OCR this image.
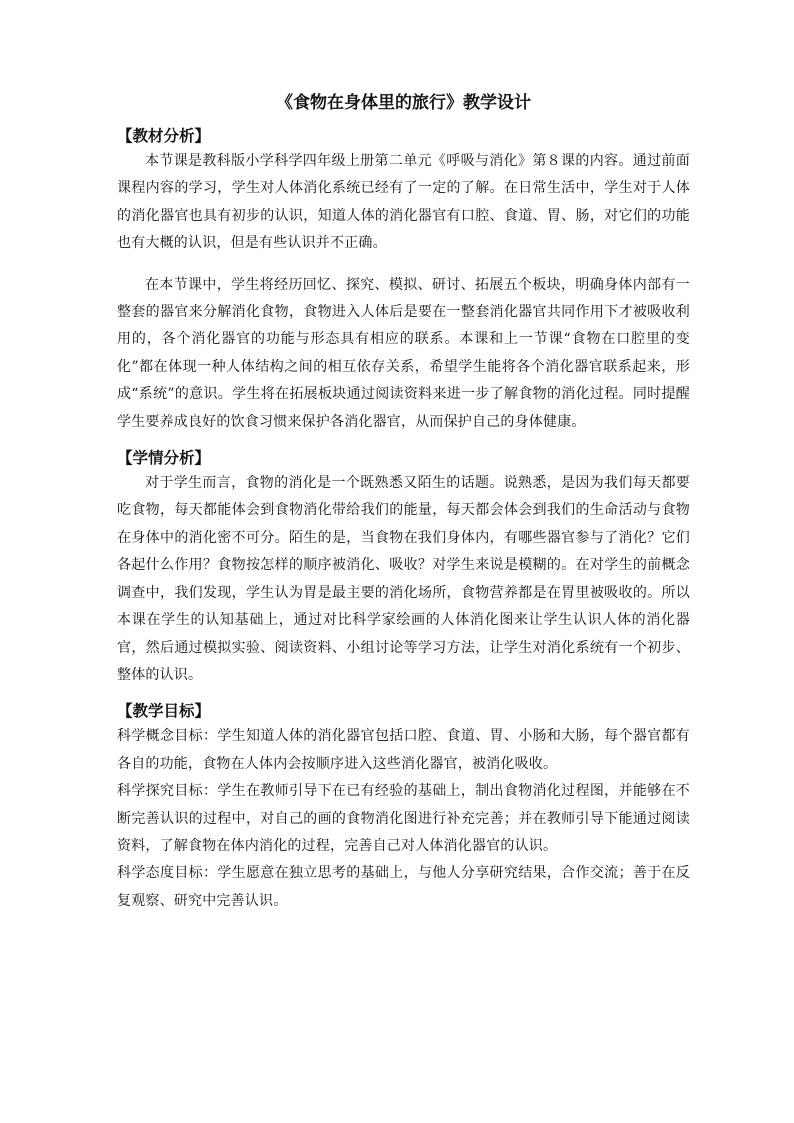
《食物在身体里的旅行》教学设计
【教材分析】

本节课是教科版小学科学四年级上册第二单元《呼吸与消化》第８课的内容。通过前面课程内容的学习，学生对人体消化系统已经有了一定的了解。在日常生活中，学生对于人体的消化器官也具有初步的认识，知道人体的消化器官有口腔、食道、胃、肠，对它们的功能也有大概的认识，但是有些认识并不正确。

在本节课中，学生将经历回忆、探究、模拟、研讨、拓展五个板块，明确身体内部有一整套的器官来分解消化食物，食物进入人体后是要在一整套消化器官共同作用下才被吸收利用的，各个消化器官的功能与形态具有相应的联系。本课和上一节课“食物在口腔里的变化”都在体现一种人体结构之间的相互依存关系，希望学生能将各个消化器官联系起来，形成“系统”的意识。学生将在拓展板块通过阅读资料来进一步了解食物的消化过程。同时提醒学生要养成良好的饮食习惯来保护各消化器官，从而保护自己的身体健康。

【学情分析】

对于学生而言，食物的消化是一个既熟悉又陌生的话题。说熟悉，是因为我们每天都要吃食物，每天都能体会到食物消化带给我们的能量，每天都会体会到我们的生命活动与食物在身体中的消化密不可分。陌生的是，当食物在我们身体内，有哪些器官参与了消化？它们各起什么作用？食物按怎样的顺序被消化、吸收？对学生来说是模糊的。在对学生的前概念调查中，我们发现，学生认为胃是最主要的消化场所，食物营养都是在胃里被吸收的。所以本课在学生的认知基础上，通过对比科学家绘画的人体消化图来让学生认识人体的消化器官，然后通过模拟实验、阅读资料、小组讨论等学习方法，让学生对消化系统有一个初步、整体的认识。

【教学目标】

科学概念目标：学生知道人体的消化器官包括口腔、食道、胃、小肠和大肠，每个器官都有各自的功能，食物在人体内会按顺序进入这些消化器官，被消化吸收。

科学探究目标：学生在教师引导下在已有经验的基础上，制出食物消化过程图，并能够在不断完善认识的过程中，对自己的画的食物消化图进行补充完善；并在教师引导下能通过阅读资料，了解食物在体内消化的过程，完善自己对人体消化器官的认识。

科学态度目标：学生愿意在独立思考的基础上，与他人分享研究结果，合作交流；善于在反复观察、研究中完善认识。
